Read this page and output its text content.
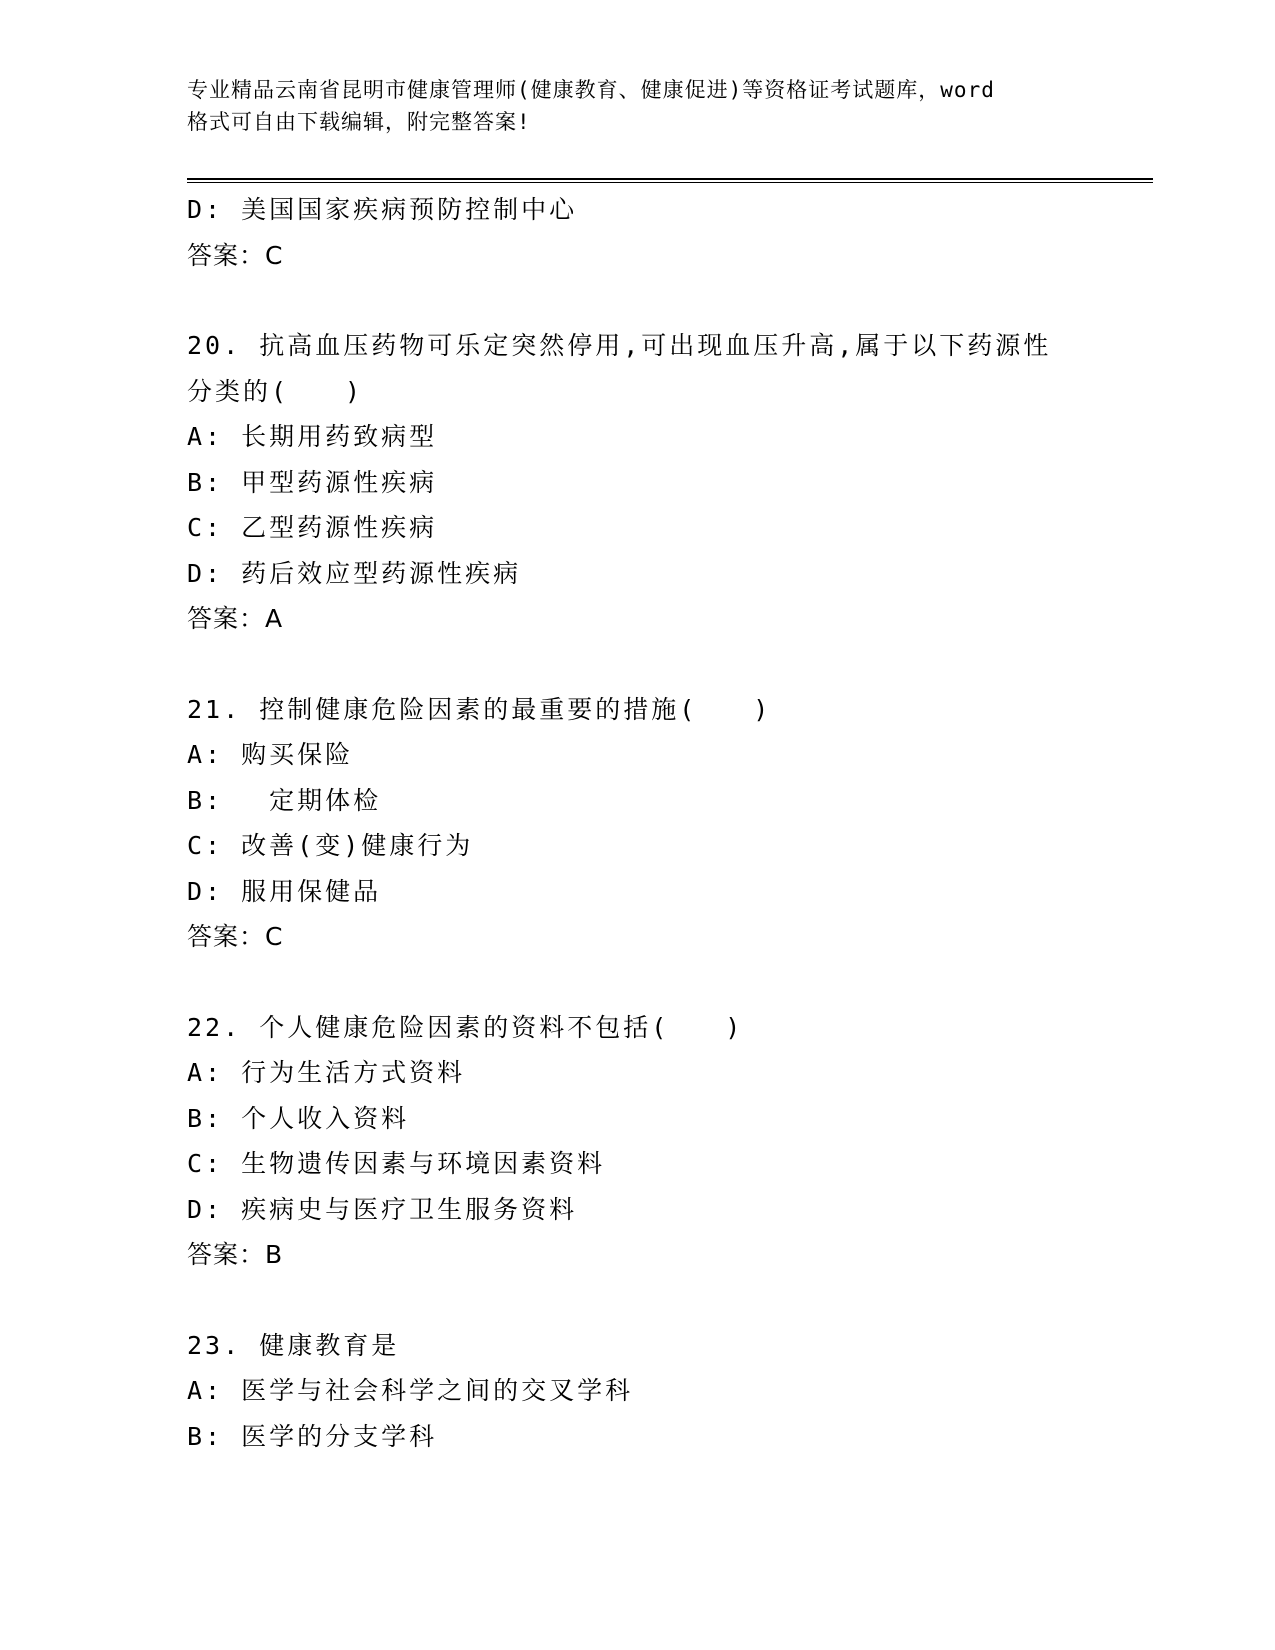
专业精品云南省昆明市健康管理师(健康教育、健康促进)等资格证考试题库，word
格式可自由下载编辑，附完整答案!
D: 美国国家疾病预防控制中心
答案：C
20. 抗高血压药物可乐定突然停用,可出现血压升高,属于以下药源性
分类的(　　)
A: 长期用药致病型
B: 甲型药源性疾病
C: 乙型药源性疾病
D: 药后效应型药源性疾病
答案：A
21. 控制健康危险因素的最重要的措施(　　)
A: 购买保险
B: 　定期体检
C: 改善(变)健康行为
D: 服用保健品
答案：C
22. 个人健康危险因素的资料不包括(　　)
A: 行为生活方式资料
B: 个人收入资料
C: 生物遗传因素与环境因素资料
D: 疾病史与医疗卫生服务资料
答案：B
23. 健康教育是
A: 医学与社会科学之间的交叉学科
B: 医学的分支学科
